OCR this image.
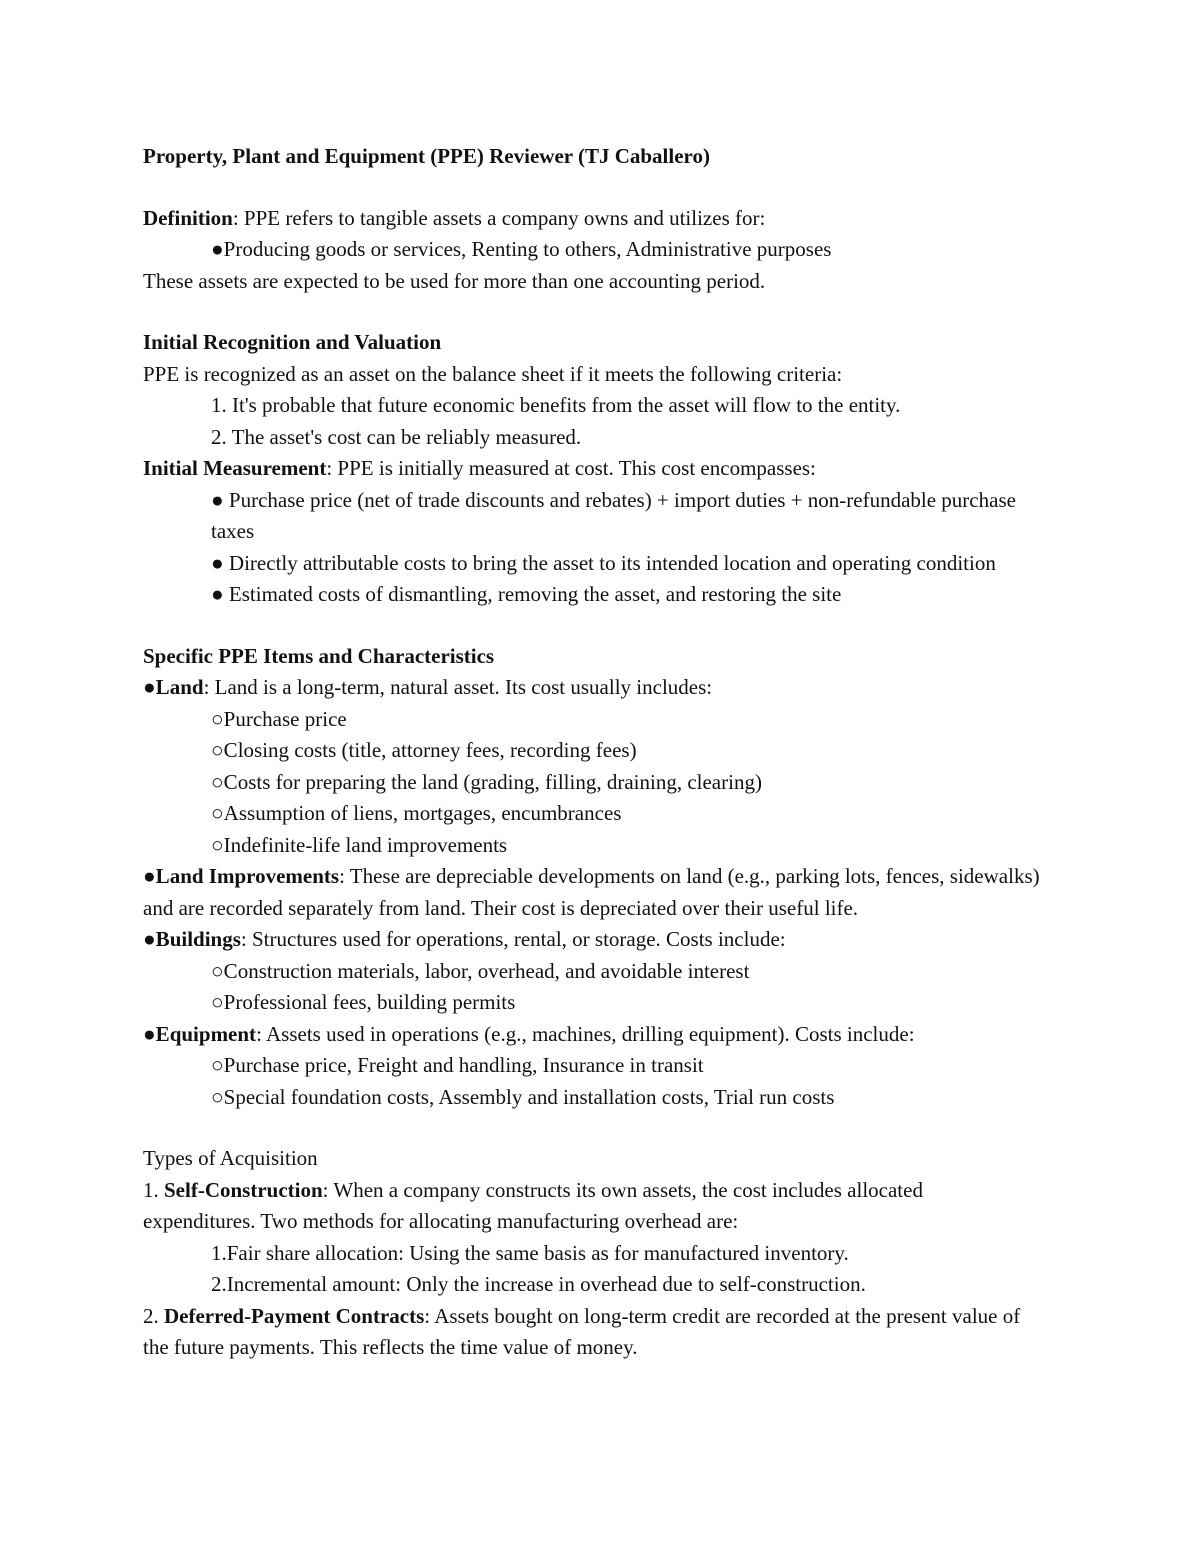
Property, Plant and Equipment (PPE) Reviewer (TJ Caballero)
Definition: PPE refers to tangible assets a company owns and utilizes for:
●Producing goods or services, Renting to others, Administrative purposes
These assets are expected to be used for more than one accounting period.
Initial Recognition and Valuation
PPE is recognized as an asset on the balance sheet if it meets the following criteria:
1. It's probable that future economic benefits from the asset will flow to the entity.
2. The asset's cost can be reliably measured.
Initial Measurement: PPE is initially measured at cost. This cost encompasses:
● Purchase price (net of trade discounts and rebates) + import duties + non-refundable purchase taxes
● Directly attributable costs to bring the asset to its intended location and operating condition
● Estimated costs of dismantling, removing the asset, and restoring the site
Specific PPE Items and Characteristics
●Land: Land is a long-term, natural asset. Its cost usually includes:
○Purchase price
○Closing costs (title, attorney fees, recording fees)
○Costs for preparing the land (grading, filling, draining, clearing)
○Assumption of liens, mortgages, encumbrances
○Indefinite-life land improvements
●Land Improvements: These are depreciable developments on land (e.g., parking lots, fences, sidewalks) and are recorded separately from land. Their cost is depreciated over their useful life.
●Buildings: Structures used for operations, rental, or storage. Costs include:
○Construction materials, labor, overhead, and avoidable interest
○Professional fees, building permits
●Equipment: Assets used in operations (e.g., machines, drilling equipment). Costs include:
○Purchase price, Freight and handling, Insurance in transit
○Special foundation costs, Assembly and installation costs, Trial run costs
Types of Acquisition
1. Self-Construction: When a company constructs its own assets, the cost includes allocated expenditures. Two methods for allocating manufacturing overhead are:
1.Fair share allocation: Using the same basis as for manufactured inventory.
2.Incremental amount: Only the increase in overhead due to self-construction.
2. Deferred-Payment Contracts: Assets bought on long-term credit are recorded at the present value of the future payments. This reflects the time value of money.
